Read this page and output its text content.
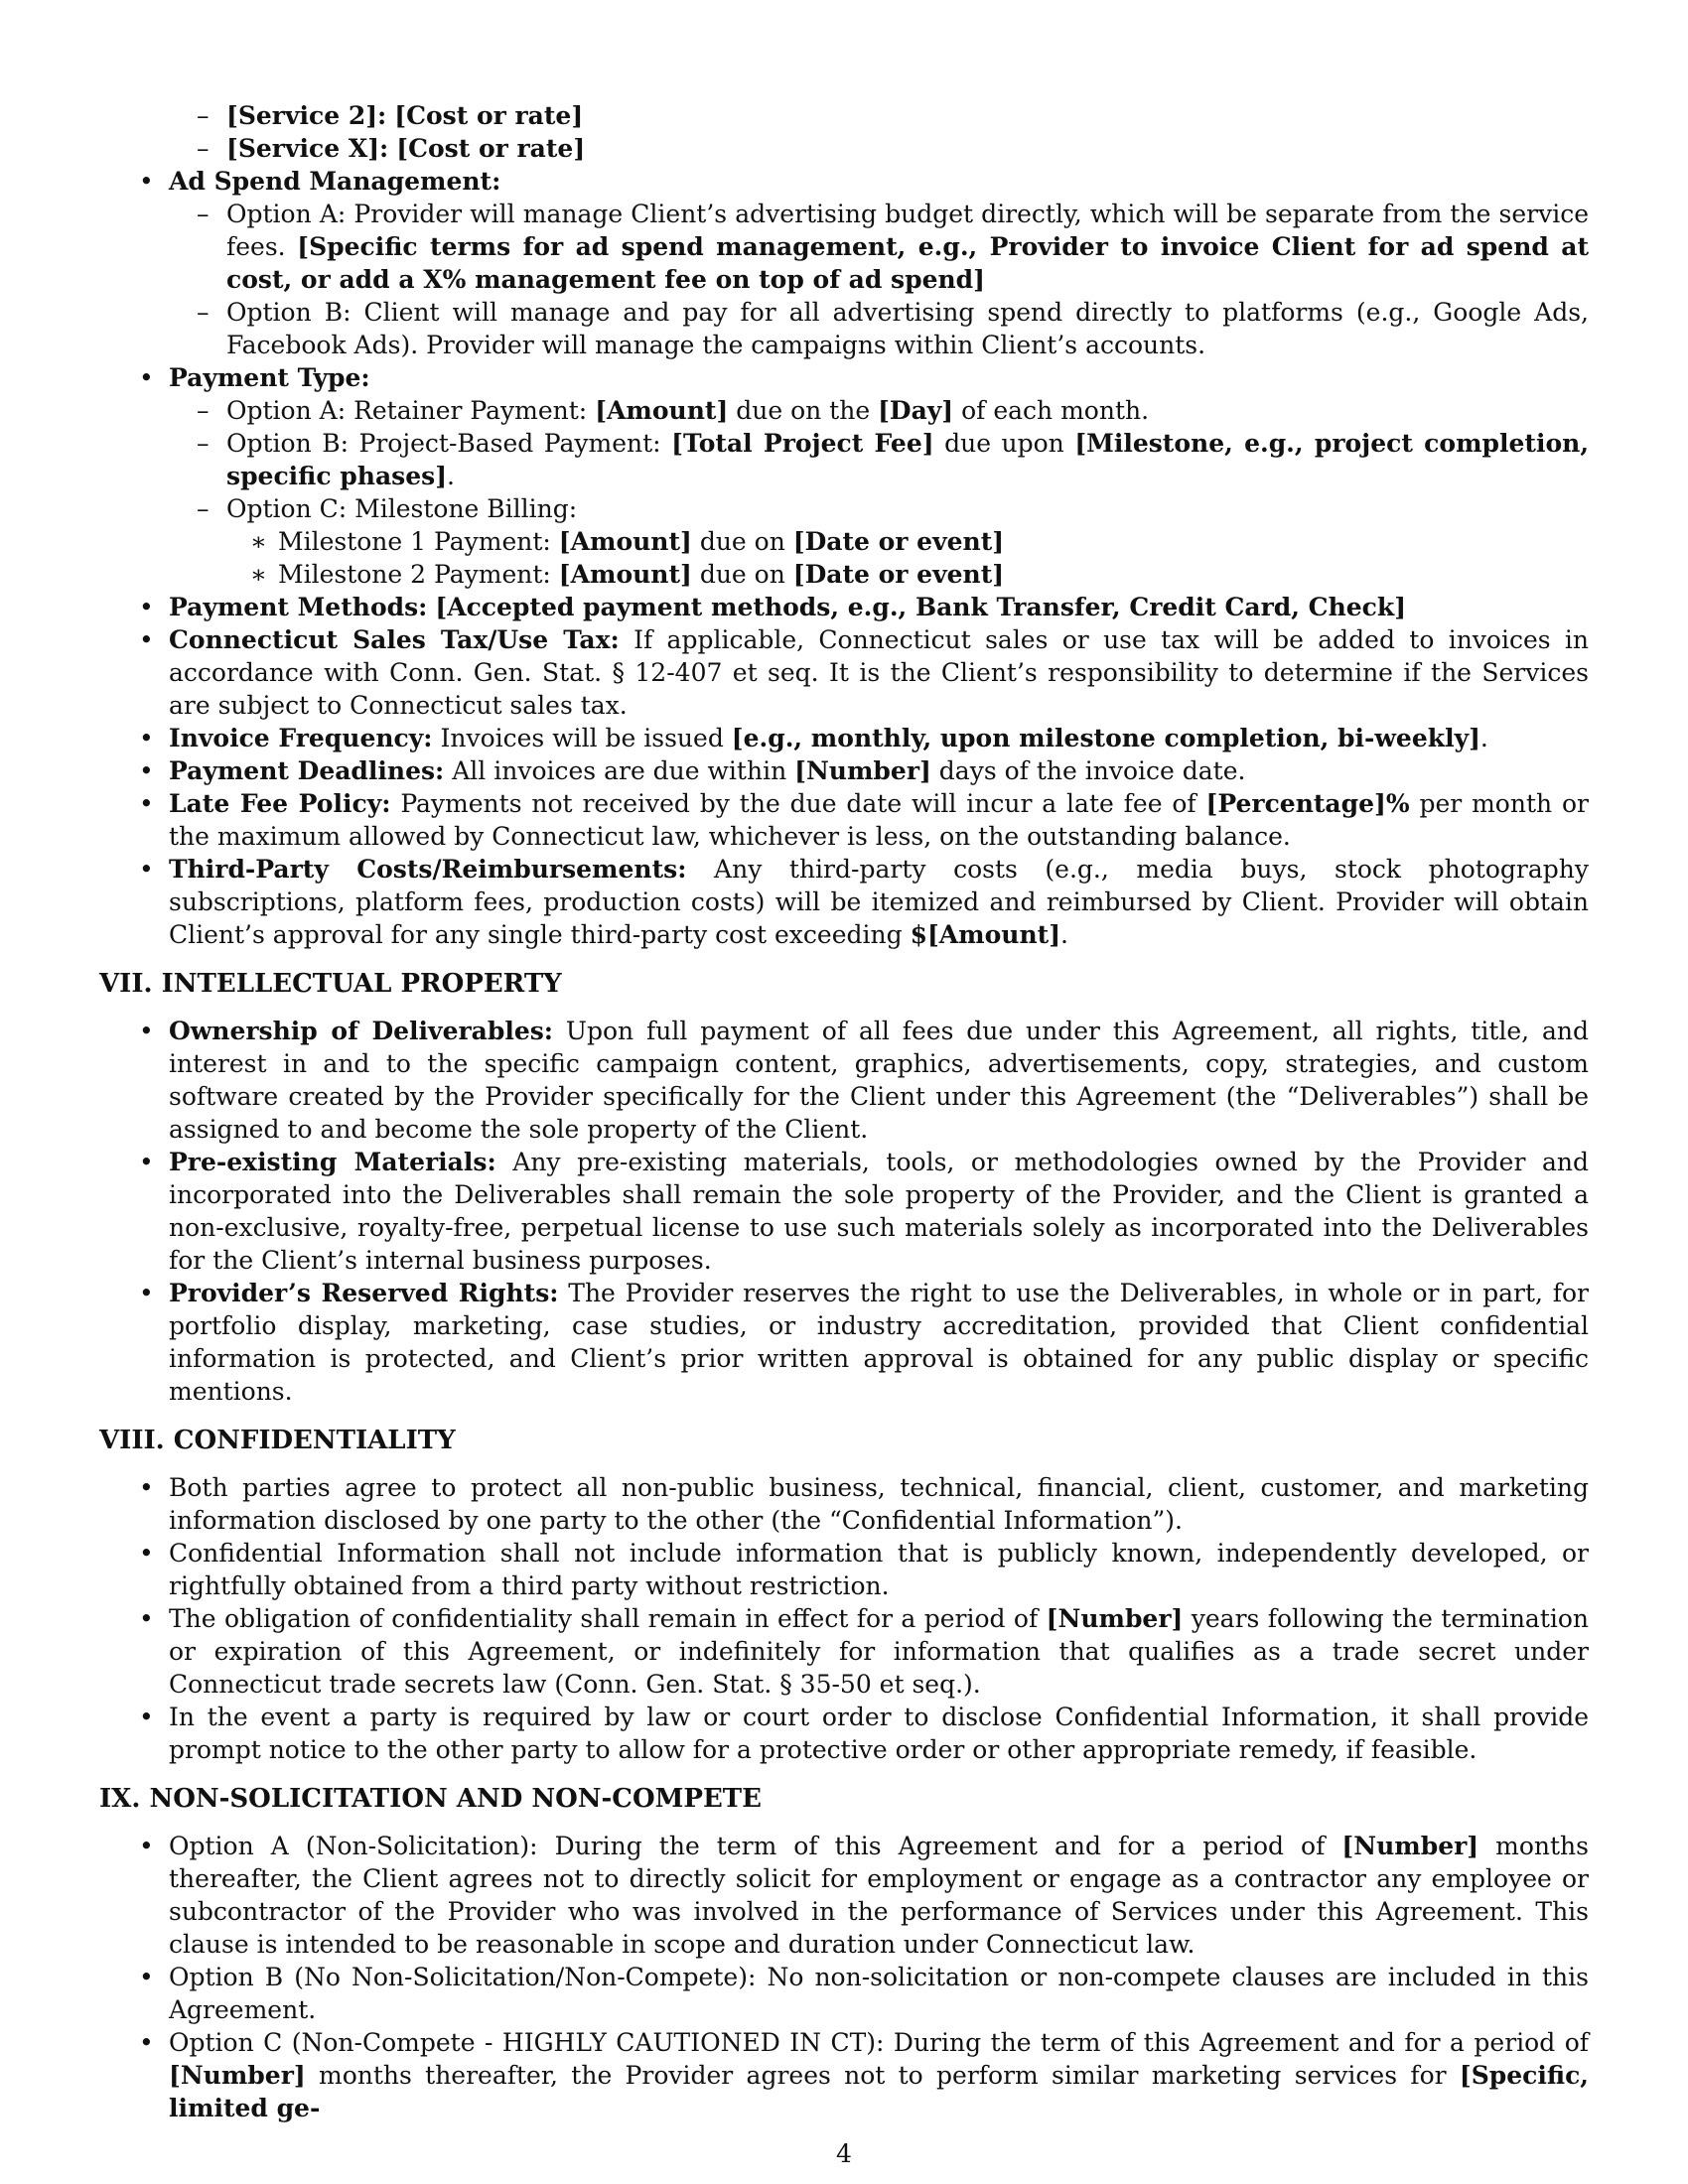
– [Service 2]: [Cost or rate]

– [Service X]: [Cost or rate]

• Ad Spend Management:

– Option A: Provider will manage Client’s advertising budget directly, which will be separate from the service fees. [Specific terms for ad spend management, e.g., Provider to invoice Client for ad spend at cost, or add a X% management fee on top of ad spend]

– Option B: Client will manage and pay for all advertising spend directly to platforms (e.g., Google Ads, Facebook Ads). Provider will manage the campaigns within Client’s accounts.

• Payment Type:

– Option A: Retainer Payment: [Amount] due on the [Day] of each month.

– Option B: Project-Based Payment: [Total Project Fee] due upon [Milestone, e.g., project completion, specific phases].

– Option C: Milestone Billing:

∗ Milestone 1 Payment: [Amount] due on [Date or event]

∗ Milestone 2 Payment: [Amount] due on [Date or event]

• Payment Methods: [Accepted payment methods, e.g., Bank Transfer, Credit Card, Check]

• Connecticut Sales Tax/Use Tax: If applicable, Connecticut sales or use tax will be added to invoices in accordance with Conn. Gen. Stat. § 12-407 et seq. It is the Client’s responsibility to determine if the Services are subject to Connecticut sales tax.

• Invoice Frequency: Invoices will be issued [e.g., monthly, upon milestone completion, bi-weekly].

• Payment Deadlines: All invoices are due within [Number] days of the invoice date.

• Late Fee Policy: Payments not received by the due date will incur a late fee of [Percentage]% per month or the maximum allowed by Connecticut law, whichever is less, on the outstanding balance.

• Third-Party Costs/Reimbursements: Any third-party costs (e.g., media buys, stock photography subscriptions, platform fees, production costs) will be itemized and reimbursed by Client. Provider will obtain Client’s approval for any single third-party cost exceeding $[Amount].

VII. INTELLECTUAL PROPERTY

• Ownership of Deliverables: Upon full payment of all fees due under this Agreement, all rights, title, and interest in and to the specific campaign content, graphics, advertisements, copy, strategies, and custom software created by the Provider specifically for the Client under this Agreement (the “Deliverables”) shall be assigned to and become the sole property of the Client.

• Pre-existing Materials: Any pre-existing materials, tools, or methodologies owned by the Provider and incorporated into the Deliverables shall remain the sole property of the Provider, and the Client is granted a non-exclusive, royalty-free, perpetual license to use such materials solely as incorporated into the Deliverables for the Client’s internal business purposes.

• Provider’s Reserved Rights: The Provider reserves the right to use the Deliverables, in whole or in part, for portfolio display, marketing, case studies, or industry accreditation, provided that Client confidential information is protected, and Client’s prior written approval is obtained for any public display or specific mentions.

VIII. CONFIDENTIALITY

• Both parties agree to protect all non-public business, technical, financial, client, customer, and marketing information disclosed by one party to the other (the “Confidential Information”).

• Confidential Information shall not include information that is publicly known, independently developed, or rightfully obtained from a third party without restriction.

• The obligation of confidentiality shall remain in effect for a period of [Number] years following the termination or expiration of this Agreement, or indefinitely for information that qualifies as a trade secret under Connecticut trade secrets law (Conn. Gen. Stat. § 35-50 et seq.).

• In the event a party is required by law or court order to disclose Confidential Information, it shall provide prompt notice to the other party to allow for a protective order or other appropriate remedy, if feasible.

IX. NON-SOLICITATION AND NON-COMPETE

• Option A (Non-Solicitation): During the term of this Agreement and for a period of [Number] months thereafter, the Client agrees not to directly solicit for employment or engage as a contractor any employee or subcontractor of the Provider who was involved in the performance of Services under this Agreement. This clause is intended to be reasonable in scope and duration under Connecticut law.

• Option B (No Non-Solicitation/Non-Compete): No non-solicitation or non-compete clauses are included in this Agreement.

• Option C (Non-Compete - HIGHLY CAUTIONED IN CT): During the term of this Agreement and for a period of [Number] months thereafter, the Provider agrees not to perform similar marketing services for [Specific, limited ge-

4
